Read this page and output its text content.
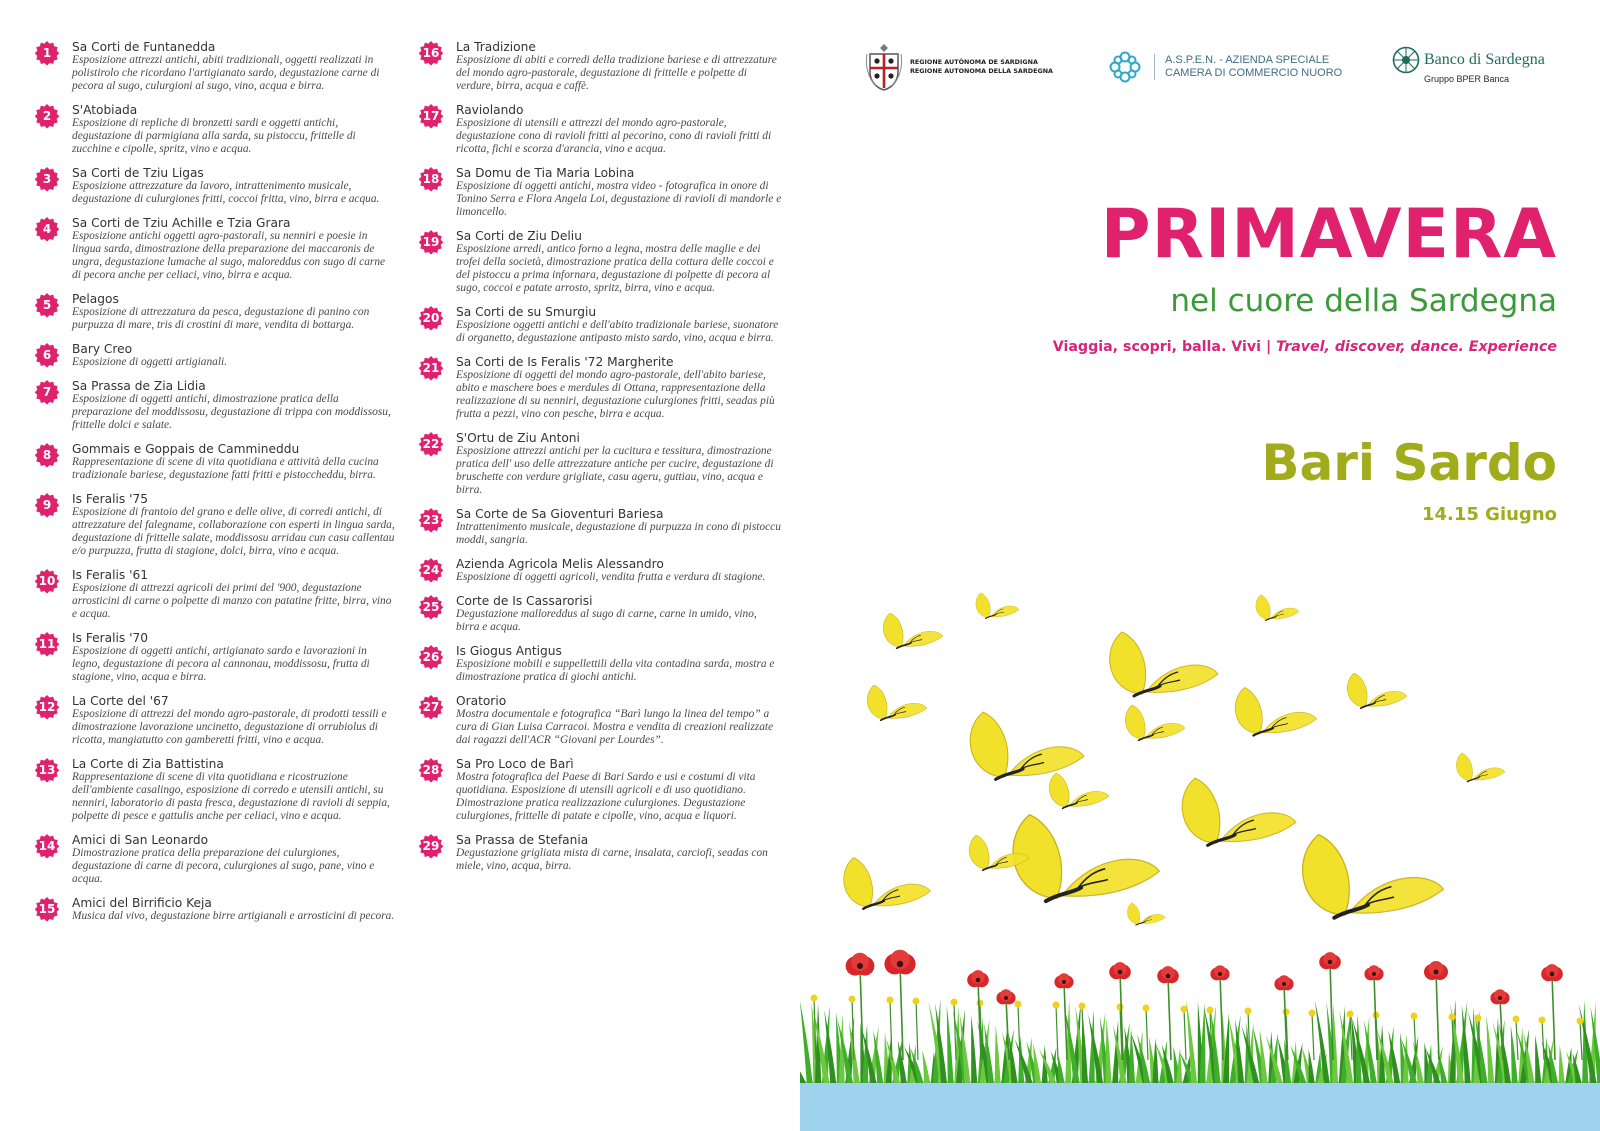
1	Sa Corti de Funtanedda
Esposizione attrezzi antichi, abiti tradizionali, oggetti realizzati in polistirolo che ricordano l'artigianato sardo, degustazione carne di pecora al sugo, culurgioni al sugo, vino, acqua e birra.
2	S'Atobiada
Esposizione di repliche di bronzetti sardi e oggetti antichi, degustazione di parmigiana alla sarda, su pistoccu, frittelle di zucchine e cipolle, spritz, vino e acqua.
3	Sa Corti de Tziu Ligas
Esposizione attrezzature da lavoro, intrattenimento musicale, degustazione di culurgiones fritti, coccoi fritta, vino, birra e acqua.
4	Sa Corti de Tziu Achille e Tzia Grara
Esposizione antichi oggetti agro-pastorali, su nenniri e poesie in lingua sarda, dimostrazione della preparazione dei maccaronis de ungra, degustazione lumache al sugo, maloreddus con sugo di carne di pecora anche per celiaci, vino, birra e acqua.
5	Pelagos
Esposizione di attrezzatura da pesca, degustazione di panino con purpuzza di mare, tris di crostini di mare, vendita di bottarga.
6	Bary Creo
Esposizione di oggetti artigianali.
7	Sa Prassa de Zia Lidia
Esposizione di oggetti antichi, dimostrazione pratica della preparazione del moddissosu, degustazione di trippa con moddissosu, frittelle dolci e salate.
8	Gommais e Goppais de Cammineddu
Rappresentazione di scene di vita quotidiana e attività della cucina tradizionale bariese, degustazione fatti fritti e pistoccheddu, birra.
9	Is Feralis '75
Esposizione di frantoio del grano e delle olive, di corredi antichi, di attrezzature del falegname, collaborazione con esperti in lingua sarda, degustazione di frittelle salate, moddissosu arridau cun casu callentau e/o purpuzza, frutta di stagione, dolci, birra, vino e acqua.
10	Is Feralis '61
Esposizione di attrezzi agricoli dei primi del '900, degustazione arrosticini di carne o polpette di manzo con patatine fritte, birra, vino e acqua.
11	Is Feralis '70
Esposizione di oggetti antichi, artigianato sardo e lavorazioni in legno, degustazione di pecora al cannonau, moddissosu, frutta di stagione, vino, acqua e birra.
12	La Corte del '67
Esposizione di attrezzi del mondo agro-pastorale, di prodotti tessili e dimostrazione lavorazione uncinetto, degustazione di orrubiolus di ricotta, mangiatutto con gamberetti fritti, vino e acqua.
13	La Corte di Zia Battistina
Rappresentazione di scene di vita quotidiana e ricostruzione dell'ambiente casalingo, esposizione di corredo e utensili antichi, su nenniri, laboratorio di pasta fresca, degustazione di ravioli di seppia, polpette di pesce e gattulis anche per celiaci, vino e acqua.
14	Amici di San Leonardo
Dimostrazione pratica della preparazione dei culurgiones, degustazione di carne di pecora, culurgiones al sugo, pane, vino e acqua.
15	Amici del Birrificio Keja
Musica dal vivo, degustazione birre artigianali e arrosticini di pecora.
16	La Tradizione
Esposizione di abiti e corredi della tradizione bariese e di attrezzature del mondo agro-pastorale, degustazione di frittelle e polpette di verdure, birra, acqua e caffè.
17	Raviolando
Esposizione di utensili e attrezzi del mondo agro-pastorale, degustazione cono di ravioli fritti al pecorino, cono di ravioli fritti di ricotta, fichi e scorza d'arancia, vino e acqua.
18	Sa Domu de Tia Maria Lobina
Esposizione di oggetti antichi, mostra video - fotografica in onore di Tonino Serra e Flora Angela Loi, degustazione di ravioli di mandorle e limoncello.
19	Sa Corti de Ziu Deliu
Esposizione arredi, antico forno a legna, mostra delle maglie e dei trofei della società, dimostrazione pratica della cottura delle coccoi e del pistoccu a prima infornara, degustazione di polpette di pecora al sugo, coccoi e patate arrosto, spritz, birra, vino e acqua.
20	Sa Corti de su Smurgiu
Esposizione oggetti antichi e dell'abito tradizionale bariese, suonatore di organetto, degustazione antipasto misto sardo, vino, acqua e birra.
21	Sa Corti de Is Feralis '72 Margherite
Esposizione di oggetti del mondo agro-pastorale, dell'abito bariese, abito e maschere boes e merdules di Ottana, rappresentazione della realizzazione di su nenniri, degustazione culurgiones fritti, seadas più frutta a pezzi, vino con pesche, birra e acqua.
22	S'Ortu de Ziu Antoni
Esposizione attrezzi antichi per la cucitura e tessitura, dimostrazione pratica dell' uso delle attrezzature antiche per cucire, degustazione di bruschette con verdure grigliate, casu ageru, guttiau, vino, acqua e birra.
23	Sa Corte de Sa Gioventuri Bariesa
Intrattenimento musicale, degustazione di purpuzza in cono di pistoccu moddi, sangria.
24	Azienda Agricola Melis Alessandro
Esposizione di oggetti agricoli, vendita frutta e verdura di stagione.
25	Corte de Is Cassarorisi
Degustazione malloreddus al sugo di carne, carne in umido, vino, birra e acqua.
26	Is Giogus Antigus
Esposizione mobili e suppellettili della vita contadina sarda, mostra e dimostrazione pratica di giochi antichi.
27	Oratorio
Mostra documentale e fotografica “Barì lungo la linea del tempo” a cura di Gian Luisa Carracoi. Mostra e vendita di creazioni realizzate dai ragazzi dell'ACR “Giovani per Lourdes”.
28	Sa Pro Loco de Barì
Mostra fotografica del Paese di Bari Sardo e usi e costumi di vita quotidiana. Esposizione di utensili agricoli e di uso quotidiano. Dimostrazione pratica realizzazione culurgiones. Degustazione culurgiones, frittelle di patate e cipolle, vino, acqua e liquori.
29	Sa Prassa de Stefania
Degustazione grigliata mista di carne, insalata, carciofi, seadas con miele, vino, acqua, birra.
REGIONE AUTÒNOMA DE SARDIGNA
REGIONE AUTONOMA DELLA SARDEGNA
A.S.P.E.N. - AZIENDA SPECIALE
CAMERA DI COMMERCIO NUORO
Banco di Sardegna
Gruppo BPER Banca
PRIMAVERA
nel cuore della Sardegna
Viaggia, scopri, balla. Vivi | Travel, discover, dance. Experience
Bari Sardo
14.15 Giugno
